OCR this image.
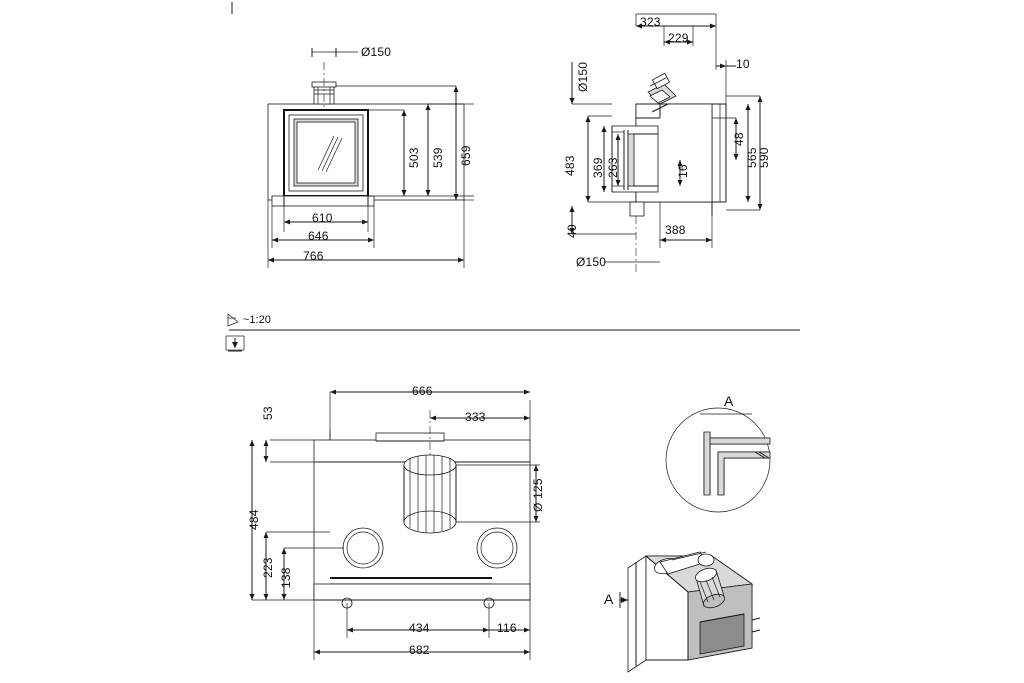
Ø150
503 539 659
610
646
766
323
229
10
Ø150
483 369 263	16
48
565
590
40	388
Ø150
~1:20
666
333
53
484
223 138
Ø 125
434	116
682
A
A
